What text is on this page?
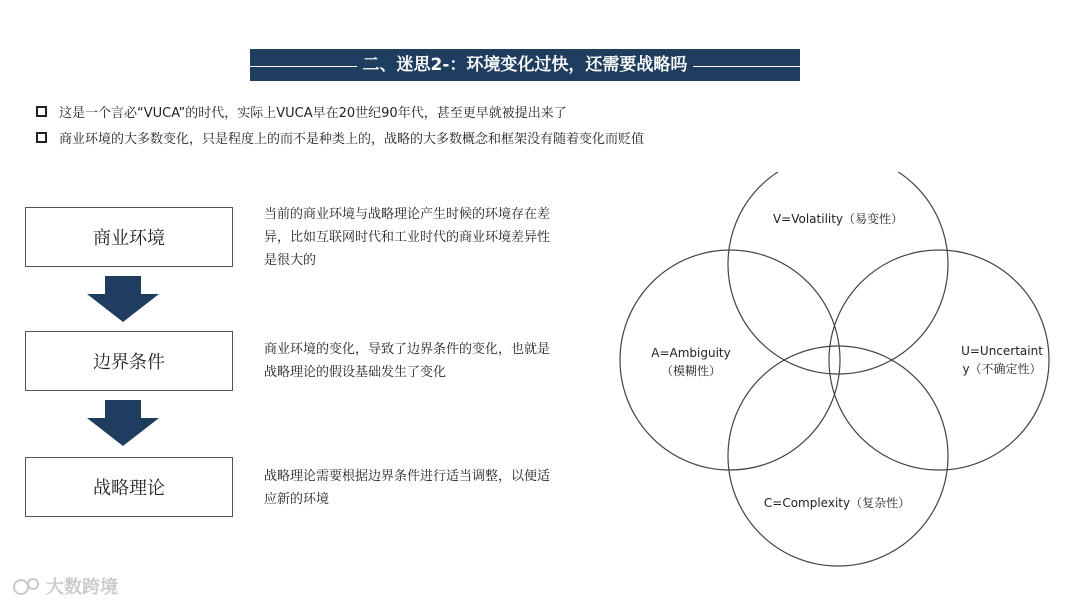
二、迷思2-：环境变化过快，还需要战略吗
这是一个言必“VUCA”的时代，实际上VUCA早在20世纪90年代，甚至更早就被提出来了
商业环境的大多数变化，只是程度上的而不是种类上的，战略的大多数概念和框架没有随着变化而贬值
商业环境
边界条件
战略理论
当前的商业环境与战略理论产生时候的环境存在差
异，比如互联网时代和工业时代的商业环境差异性
是很大的
商业环境的变化，导致了边界条件的变化，也就是
战略理论的假设基础发生了变化
战略理论需要根据边界条件进行适当调整，以便适
应新的环境
V=Volatility（易变性）
A=Ambiguity
（模糊性）
U=Uncertaint
y（不确定性）
C=Complexity（复杂性）
大数跨境
